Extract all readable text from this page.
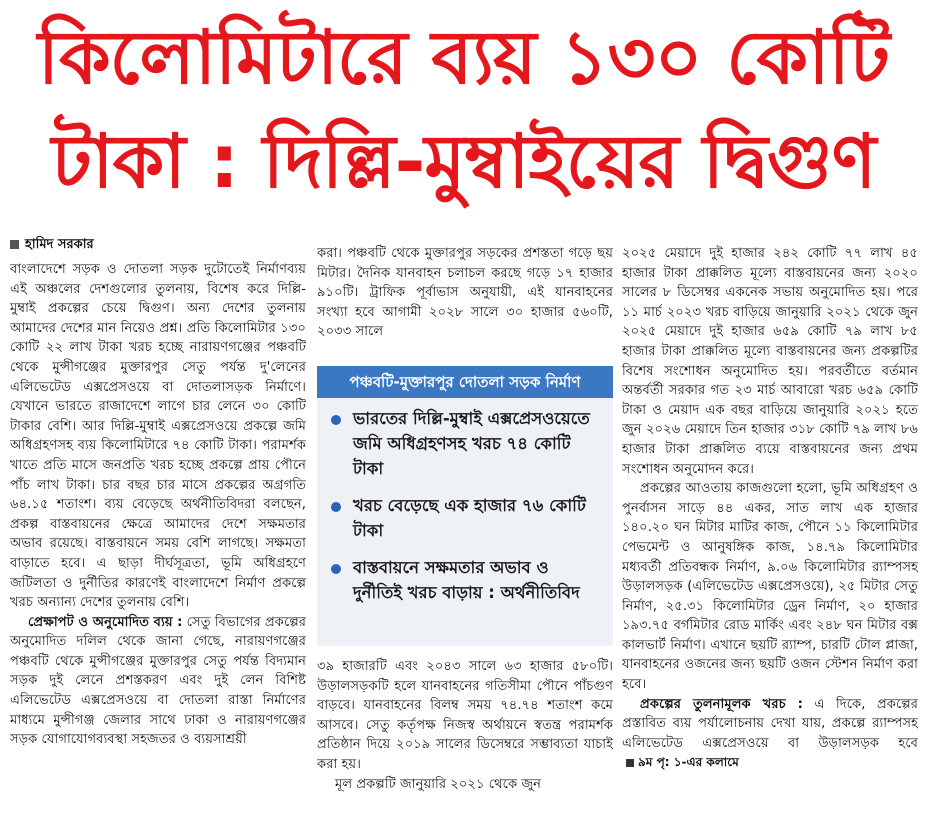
কিলোমিটারে ব্যয় ১৩০ কোটি
টাকা : দিল্লি-মুম্বাইয়ের দ্বিগুণ
হামিদ সরকার

বাংলাদেশে সড়ক ও দোতলা সড়ক দুটোতেই নির্মাণব্যয় এই অঞ্চলের দেশগুলোর তুলনায়, বিশেষ করে দিল্লি-মুম্বাই প্রকল্পের চেয়ে দ্বিগুণ। অন্য দেশের তুলনায় আমাদের দেশের মান নিয়েও প্রশ্ন। প্রতি কিলোমিটার ১৩০ কোটি ২২ লাখ টাকা খরচ হচ্ছে নারায়ণগঞ্জের পঞ্চবটি থেকে মুন্সীগঞ্জের মুক্তারপুর সেতু পর্যন্ত দু'লেনের এলিভেটেড এক্সপ্রেসওয়ে বা দোতলাসড়ক নির্মাণে। যেখানে ভারতে রাজাদেশে লাগে চার লেনে ৩০ কোটি টাকার বেশি। আর দিল্লি-মুম্বাই এক্সপ্রেসওয়ে প্রকল্পে জমি অধিগ্রহণসহ ব্যয় কিলোমিটারে ৭৪ কোটি টাকা। পরামর্শক খাতে প্রতি মাসে জনপ্রতি খরচ হচ্ছে প্রকল্পে প্রায় পৌনে পাঁচ লাখ টাকা। চার বছর চার মাসে প্রকল্পের অগ্রগতি ৬৪.১৫ শতাংশ। ব্যয় বেড়েছে অর্থনীতিবিদরা বলছেন, প্রকল্প বাস্তবায়নের ক্ষেত্রে আমাদের দেশে সক্ষমতার অভাব রয়েছে। বাস্তবায়নে সময় বেশি লাগছে। সক্ষমতা বাড়াতে হবে। এ ছাড়া দীর্ঘসূত্রতা, ভূমি অধিগ্রহণে জটিলতা ও দুর্নীতির কারণেই বাংলাদেশে নির্মাণ প্রকল্পে খরচ অন্যান্য দেশের তুলনায় বেশি।

প্রেক্ষাপট ও অনুমোদিত ব্যয় : সেতু বিভাগের প্রকল্পের অনুমোদিত দলিল থেকে জানা গেছে, নারায়ণগঞ্জের পঞ্চবটি থেকে মুন্সীগঞ্জের মুক্তারপুর সেতু পর্যন্ত বিদ্যমান সড়ক দুই লেনে প্রশস্তকরণ এবং দুই লেন বিশিষ্ট এলিভেটেড এক্সপ্রেসওয়ে বা দোতলা রাস্তা নির্মাণের মাধ্যমে মুন্সীগঞ্জ জেলার সাথে ঢাকা ও নারায়ণগঞ্জের সড়ক যোগাযোগব্যবস্থা সহজতর ও ব্যয়সাশ্রয়ী

করা। পঞ্চবটি থেকে মুক্তারপুর সড়কের প্রশস্ততা গড়ে ছয় মিটার। দৈনিক যানবাহন চলাচল করছে গড়ে ১৭ হাজার ৯১০টি। ট্রাফিক পূর্বাভাস অনুযায়ী, এই যানবাহনের সংখ্যা হবে আগামী ২০২৮ সালে ৩০ হাজার ৫৬০টি, ২০৩৩ সালে

পঞ্চবটি-মুক্তারপুর দোতলা সড়ক নির্মাণ
ভারতের দিল্লি-মুম্বাই এক্সপ্রেসওয়েতে জমি অধিগ্রহণসহ খরচ ৭৪ কোটি টাকা
খরচ বেড়েছে এক হাজার ৭৬ কোটি টাকা
বাস্তবায়নে সক্ষমতার অভাব ও দুর্নীতিই খরচ বাড়ায় : অর্থনীতিবিদ

৩৯ হাজারটি এবং ২০৪৩ সালে ৬৩ হাজার ৫৮০টি। উড়ালসড়কটি হলে যানবাহনের গতিসীমা পৌনে পাঁচগুণ বাড়বে। যানবাহনের বিলম্ব সময় ৭৪.৭৪ শতাংশ কমে আসবে। সেতু কর্তৃপক্ষ নিজস্ব অর্থায়নে স্বতন্ত্র পরামর্শক প্রতিষ্ঠান দিয়ে ২০১৯ সালের ডিসেম্বরে সম্ভাব্যতা যাচাই করা হয়।

মূল প্রকল্পটি জানুয়ারি ২০২১ থেকে জুন

২০২৫ মেয়াদে দুই হাজার ২৪২ কোটি ৭৭ লাখ ৪৫ হাজার টাকা প্রাক্কলিত মূল্যে বাস্তবায়নের জন্য ২০২০ সালের ৮ ডিসেম্বর একনেক সভায় অনুমোদিত হয়। পরে ১১ মার্চ ২০২৩ খরচ বাড়িয়ে জানুয়ারি ২০২১ থেকে জুন ২০২৫ মেয়াদে দুই হাজার ৬৫৯ কোটি ৭৯ লাখ ৮৫ হাজার টাকা প্রাক্কলিত মূল্যে বাস্তবায়নের জন্য প্রকল্পটির বিশেষ সংশোধন অনুমোদিত হয়। পরবর্তীতে বর্তমান অন্তর্বর্তী সরকার গত ২৩ মার্চ আবারো খরচ ৬৫৯ কোটি টাকা ও মেয়াদ এক বছর বাড়িয়ে জানুয়ারি ২০২১ হতে জুন ২০২৬ মেয়াদে তিন হাজার ৩১৮ কোটি ৭৯ লাখ ৮৬ হাজার টাকা প্রাক্কলিত ব্যয়ে বাস্তবায়নের জন্য প্রথম সংশোধন অনুমোদন করে।

প্রকল্পের আওতায় কাজগুলো হলো, ভূমি অধিগ্রহণ ও পুনর্বাসন সাড়ে ৪৪ একর, সাত লাখ এক হাজার ১৪০.২০ ঘন মিটার মাটির কাজ, পৌনে ১১ কিলোমিটার পেভমেন্ট ও আনুষঙ্গিক কাজ, ১৪.৭৯ কিলোমিটার মধ্যবর্তী প্রতিবন্ধক নির্মাণ, ৯.০৬ কিলোমিটার র‍্যাম্পসহ উড়ালসড়ক (এলিভেটেড এক্সপ্রেসওয়ে), ২৫ মিটার সেতু নির্মাণ, ২৫.৩১ কিলোমিটার ড্রেন নির্মাণ, ২০ হাজার ১৯৩.৭৫ বর্গমিটার রোড মার্কিং এবং ২৪৮ ঘন মিটার বক্স কালভার্ট নির্মাণ। এখানে ছয়টি র‍্যাম্প, চারটি টোল প্লাজা, যানবাহনের ওজনের জন্য ছয়টি ওজন স্টেশন নির্মাণ করা হবে।

প্রকল্পের তুলনামূলক খরচ : এ দিকে, প্রকল্পের প্রস্তাবিত ব্যয় পর্যালোচনায় দেখা যায়, প্রকল্পে র‍্যাম্পসহ এলিভেটেড এক্সপ্রেসওয়ে বা উড়ালসড়ক হবে ৯ম পৃ: ১-এর কলামে
